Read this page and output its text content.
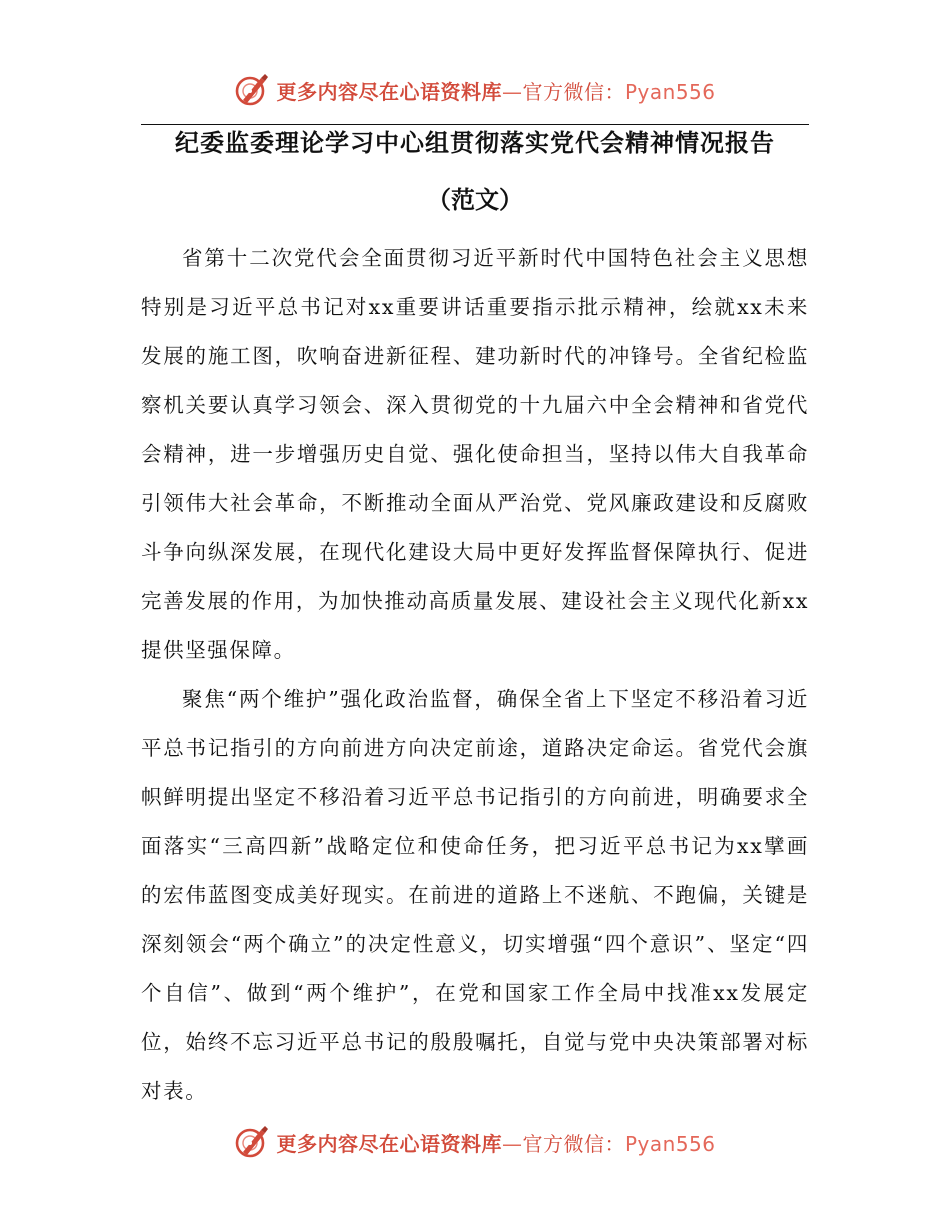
更多内容尽在心语资料库—官方微信：Pyan556
纪委监委理论学习中心组贯彻落实党代会精神情况报告
（范文）

省第十二次党代会全面贯彻习近平新时代中国特色社会主义思想特别是习近平总书记对xx重要讲话重要指示批示精神，绘就xx未来发展的施工图，吹响奋进新征程、建功新时代的冲锋号。全省纪检监察机关要认真学习领会、深入贯彻党的十九届六中全会精神和省党代会精神，进一步增强历史自觉、强化使命担当，坚持以伟大自我革命引领伟大社会革命，不断推动全面从严治党、党风廉政建设和反腐败斗争向纵深发展，在现代化建设大局中更好发挥监督保障执行、促进完善发展的作用，为加快推动高质量发展、建设社会主义现代化新xx提供坚强保障。

聚焦“两个维护”强化政治监督，确保全省上下坚定不移沿着习近平总书记指引的方向前进方向决定前途，道路决定命运。省党代会旗帜鲜明提出坚定不移沿着习近平总书记指引的方向前进，明确要求全面落实“三高四新”战略定位和使命任务，把习近平总书记为xx擘画的宏伟蓝图变成美好现实。在前进的道路上不迷航、不跑偏，关键是深刻领会“两个确立”的决定性意义，切实增强“四个意识”、坚定“四个自信”、做到“两个维护”，在党和国家工作全局中找准xx发展定位，始终不忘习近平总书记的殷殷嘱托，自觉与党中央决策部署对标对表。

更多内容尽在心语资料库—官方微信：Pyan556
